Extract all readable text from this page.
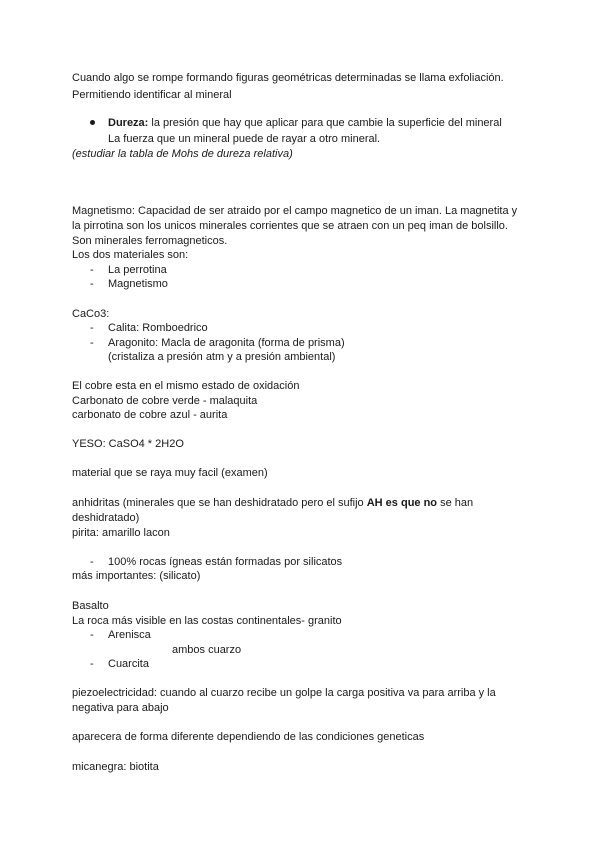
Cuando algo se rompe formando figuras geométricas determinadas se llama exfoliación.
Permitiendo identificar al mineral
Dureza: la presión que hay que aplicar para que cambie la superficie del mineral
La fuerza que un mineral puede de rayar a otro mineral.
(estudiar la tabla de Mohs de dureza relativa)
Magnetismo: Capacidad de ser atraido por el campo magnetico de un iman. La magnetita y
la pirrotina son los unicos minerales corrientes que se atraen con un peq iman de bolsillo.
Son minerales ferromagneticos.
Los dos materiales son:
- La perrotina
- Magnetismo
CaCo3:
- Calita: Romboedrico
- Aragonito: Macla de aragonita (forma de prisma)
(cristaliza a presión atm y a presión ambiental)
El cobre esta en el mismo estado de oxidación
Carbonato de cobre verde - malaquita
carbonato de cobre azul - aurita
YESO: CaSO4 * 2H2O
material que se raya muy facil (examen)
anhidritas (minerales que se han deshidratado pero el sufijo AH es que no se han
deshidratado)
pirita: amarillo lacon
- 100% rocas ígneas están formadas por silicatos
más importantes: (silicato)
Basalto
La roca más visible en las costas continentales- granito
- Arenisca
ambos cuarzo
- Cuarcita
piezoelectricidad: cuando al cuarzo recibe un golpe la carga positiva va para arriba y la
negativa para abajo
aparecera de forma diferente dependiendo de las condiciones geneticas
micanegra: biotita
